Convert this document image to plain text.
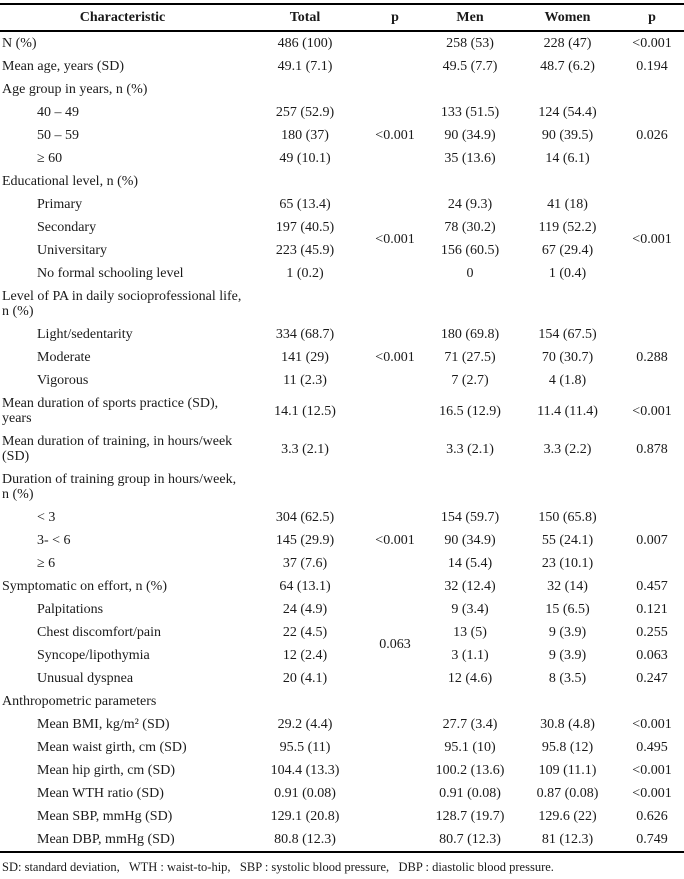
Characteristic	Total	p	Men	Women	p
N (%)	486 (100)		258 (53)	228 (47)	<0.001
Mean age, years (SD)	49.1 (7.1)		49.5 (7.7)	48.7 (6.2)	0.194
Age group in years, n (%)					
40 – 49	257 (52.9)	<0.001	133 (51.5)	124 (54.4)	0.026
50 – 59	180 (37)		90 (34.9)	90 (39.5)	
≥ 60	49 (10.1)		35 (13.6)	14 (6.1)	
Educational level, n (%)					
Primary	65 (13.4)	<0.001	24 (9.3)	41 (18)	<0.001
Secondary	197 (40.5)		78 (30.2)	119 (52.2)	
Universitary	223 (45.9)		156 (60.5)	67 (29.4)	
No formal schooling level	1 (0.2)		0	1 (0.4)	
Level of PA in daily socioprofessional life, n (%)					
Light/sedentarity	334 (68.7)	<0.001	180 (69.8)	154 (67.5)	0.288
Moderate	141 (29)		71 (27.5)	70 (30.7)	
Vigorous	11 (2.3)		7 (2.7)	4 (1.8)	
Mean duration of sports practice (SD), years	14.1 (12.5)		16.5 (12.9)	11.4 (11.4)	<0.001
Mean duration of training, in hours/week (SD)	3.3 (2.1)		3.3 (2.1)	3.3 (2.2)	0.878
Duration of training group in hours/week, n (%)					
< 3	304 (62.5)	<0.001	154 (59.7)	150 (65.8)	0.007
3- < 6	145 (29.9)		90 (34.9)	55 (24.1)	
≥ 6	37 (7.6)		14 (5.4)	23 (10.1)	
Symptomatic on effort, n (%)	64 (13.1)		32 (12.4)	32 (14)	0.457
Palpitations	24 (4.9)	0.063	9 (3.4)	15 (6.5)	0.121
Chest discomfort/pain	22 (4.5)		13 (5)	9 (3.9)	0.255
Syncope/lipothymia	12 (2.4)		3 (1.1)	9 (3.9)	0.063
Unusual dyspnea	20 (4.1)		12 (4.6)	8 (3.5)	0.247
Anthropometric parameters					
Mean BMI, kg/m² (SD)	29.2 (4.4)		27.7 (3.4)	30.8 (4.8)	<0.001
Mean waist girth, cm (SD)	95.5 (11)		95.1 (10)	95.8 (12)	0.495
Mean hip girth, cm (SD)	104.4 (13.3)		100.2 (13.6)	109 (11.1)	<0.001
Mean WTH ratio (SD)	0.91 (0.08)		0.91 (0.08)	0.87 (0.08)	<0.001
Mean SBP, mmHg (SD)	129.1 (20.8)		128.7 (19.7)	129.6 (22)	0.626
Mean DBP, mmHg (SD)	80.8 (12.3)		80.7 (12.3)	81 (12.3)	0.749
SD: standard deviation,   WTH : waist-to-hip,   SBP : systolic blood pressure,   DBP : diastolic blood pressure.
